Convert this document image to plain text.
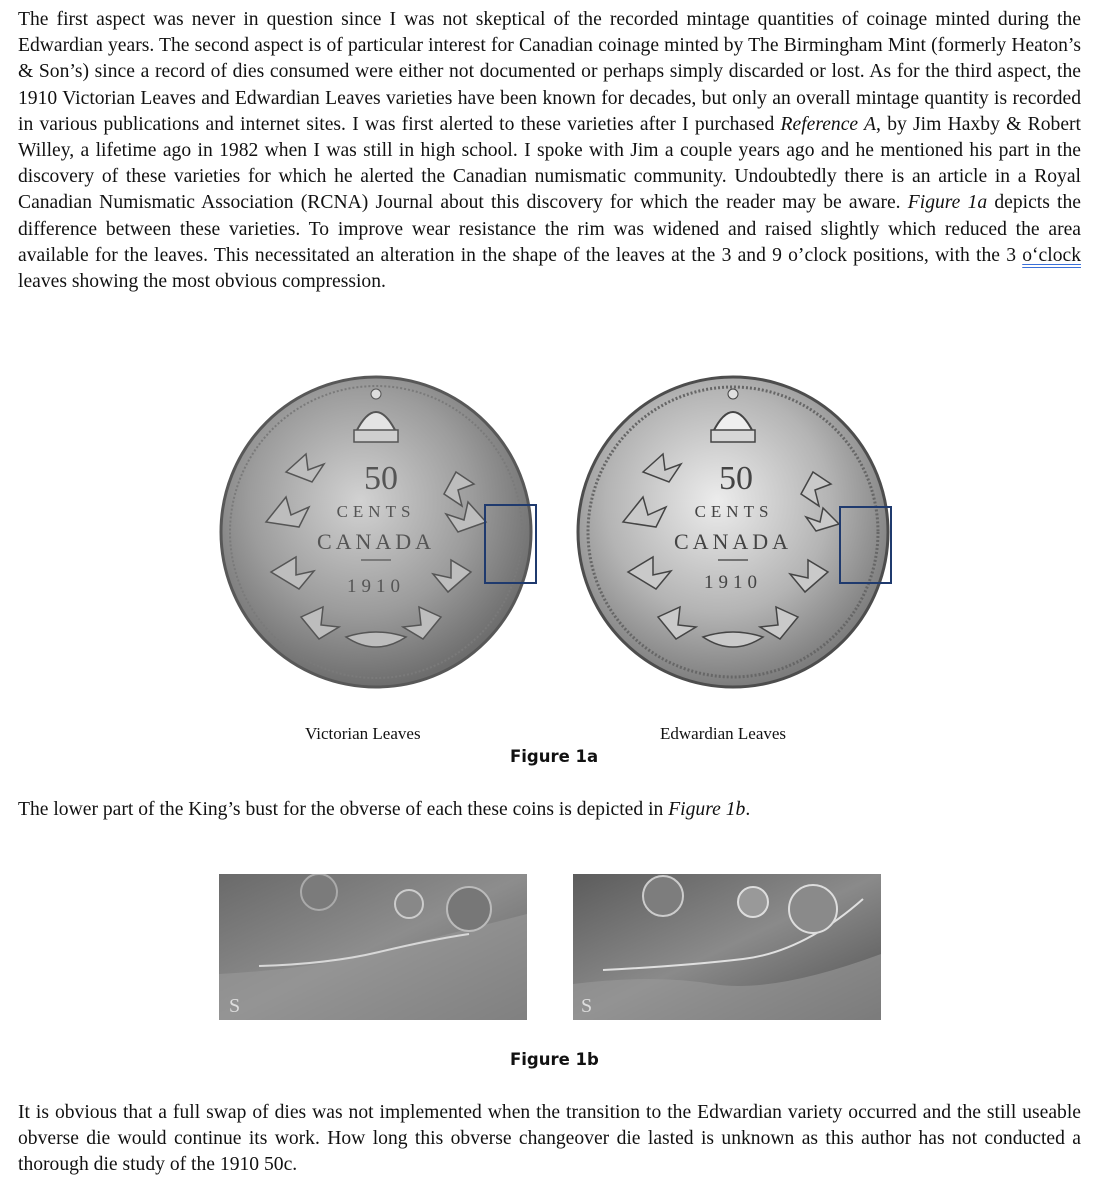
The first aspect was never in question since I was not skeptical of the recorded mintage quantities of coinage minted during the Edwardian years. The second aspect is of particular interest for Canadian coinage minted by The Birmingham Mint (formerly Heaton’s & Son’s) since a record of dies consumed were either not documented or perhaps simply discarded or lost. As for the third aspect, the 1910 Victorian Leaves and Edwardian Leaves varieties have been known for decades, but only an overall mintage quantity is recorded in various publications and internet sites. I was first alerted to these varieties after I purchased Reference A, by Jim Haxby & Robert Willey, a lifetime ago in 1982 when I was still in high school. I spoke with Jim a couple years ago and he mentioned his part in the discovery of these varieties for which he alerted the Canadian numismatic community. Undoubtedly there is an article in a Royal Canadian Numismatic Association (RCNA) Journal about this discovery for which the reader may be aware. Figure 1a depicts the difference between these varieties. To improve wear resistance the rim was widened and raised slightly which reduced the area available for the leaves. This necessitated an alteration in the shape of the leaves at the 3 and 9 o’clock positions, with the 3 o‘clock leaves showing the most obvious compression.
50
CENTS
CANADA
1910
50
CENTS
CANADA
1910
Victorian Leaves	Edwardian Leaves
Figure 1a
The lower part of the King’s bust for the obverse of each these coins is depicted in Figure 1b.
S	S
Figure 1b
It is obvious that a full swap of dies was not implemented when the transition to the Edwardian variety occurred and the still useable obverse die would continue its work. How long this obverse changeover die lasted is unknown as this author has not conducted a thorough die study of the 1910 50c.
